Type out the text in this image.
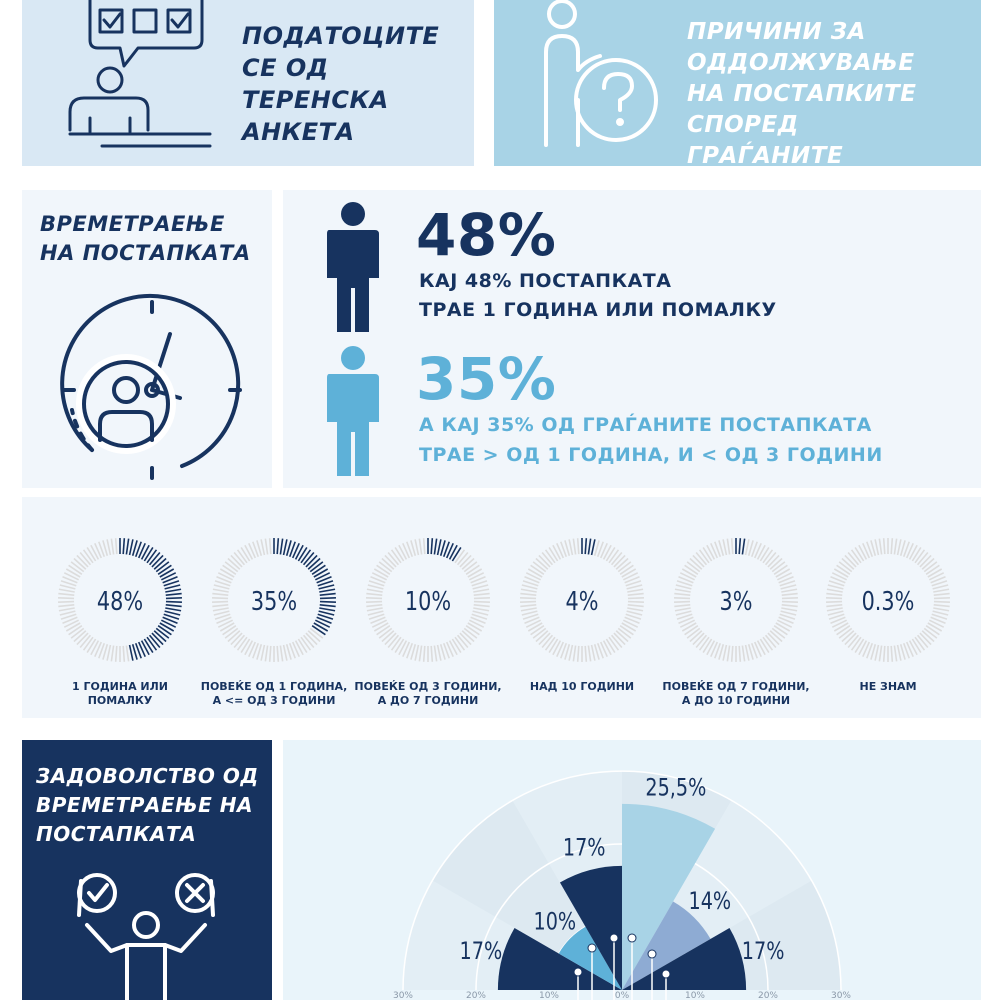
ПОДАТОЦИТЕ СЕ ОД ТЕРЕНСКА АНКЕТА
ПРИЧИНИ ЗА ОДДОЛЖУВАЊЕ НА ПОСТАПКИТЕ СПОРЕД ГРАЃАНИТЕ
ВРЕМЕТРАЕЊЕ НА ПОСТАПКАТА	48%
КАЈ 48% ПОСТАПКАТА
ТРАЕ 1 ГОДИНА ИЛИ ПОМАЛКУ
35%
А КАЈ 35% ОД ГРАЃАНИТЕ ПОСТАПКАТА
ТРАЕ > ОД 1 ГОДИНА, И < ОД 3 ГОДИНИ
48%
1 ГОДИНА ИЛИ
ПОМАЛКУ
35%
ПОВЕЌЕ ОД 1 ГОДИНА,
А <= ОД 3 ГОДИНИ
10%
ПОВЕЌЕ ОД 3 ГОДИНИ,
А ДО 7 ГОДИНИ
4%
НАД 10 ГОДИНИ
3%
ПОВЕЌЕ ОД 7 ГОДИНИ,
А ДО 10 ГОДИНИ
0.3%
НЕ ЗНАМ
ЗАДОВОЛСТВО ОД ВРЕМЕТРАЕЊЕ НА ПОСТАПКАТА
17%
10%
17%
25,5%
14%
17%
30%	20%	10%	0%	10%	20%	30%
